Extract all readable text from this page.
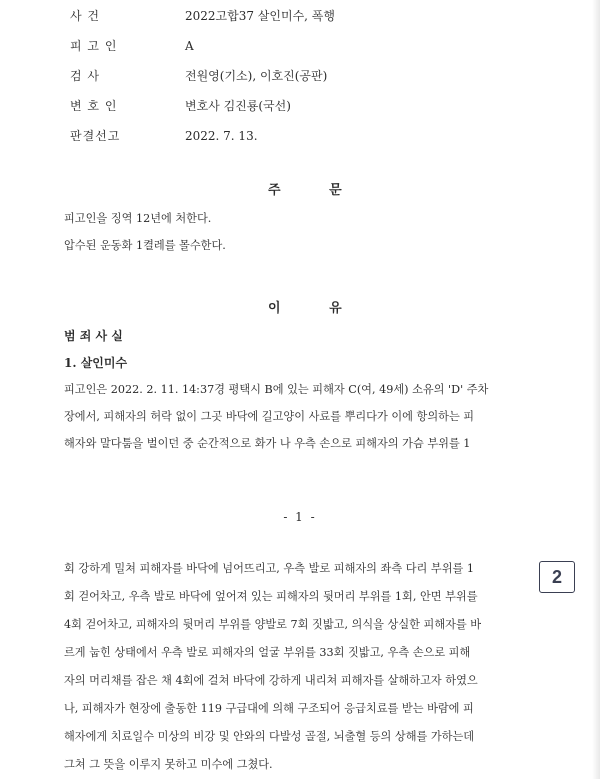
사 건	2022고합37 살인미수, 폭행
피 고 인	A
검 사	전원영(기소), 이호진(공판)
변 호 인	변호사 김진룡(국선)
판결선고	2022. 7. 13.
주	문
피고인을 징역 12년에 처한다.
압수된 운동화 1켤레를 몰수한다.
이	유
범 죄 사 실
1. 살인미수
피고인은 2022. 2. 11. 14:37경 평택시 B에 있는 피해자 C(여, 49세) 소유의 'D' 주차
장에서, 피해자의 허락 없이 그곳 바닥에 길고양이 사료를 뿌리다가 이에 항의하는 피
해자와 말다툼을 벌이던 중 순간적으로 화가 나 우측 손으로 피해자의 가슴 부위를 1
- 1 -
회 강하게 밀쳐 피해자를 바닥에 넘어뜨리고, 우측 발로 피해자의 좌측 다리 부위를 1
회 걷어차고, 우측 발로 바닥에 엎어져 있는 피해자의 뒷머리 부위를 1회, 안면 부위를
4회 걷어차고, 피해자의 뒷머리 부위를 양발로 7회 짓밟고, 의식을 상실한 피해자를 바
르게 눕힌 상태에서 우측 발로 피해자의 얼굴 부위를 33회 짓밟고, 우측 손으로 피해
자의 머리채를 잡은 채 4회에 걸쳐 바닥에 강하게 내리쳐 피해자를 살해하고자 하였으
나, 피해자가 현장에 출동한 119 구급대에 의해 구조되어 응급치료를 받는 바람에 피
해자에게 치료일수 미상의 비강 및 안와의 다발성 골절, 뇌출혈 등의 상해를 가하는데
그쳐 그 뜻을 이루지 못하고 미수에 그쳤다.
2
